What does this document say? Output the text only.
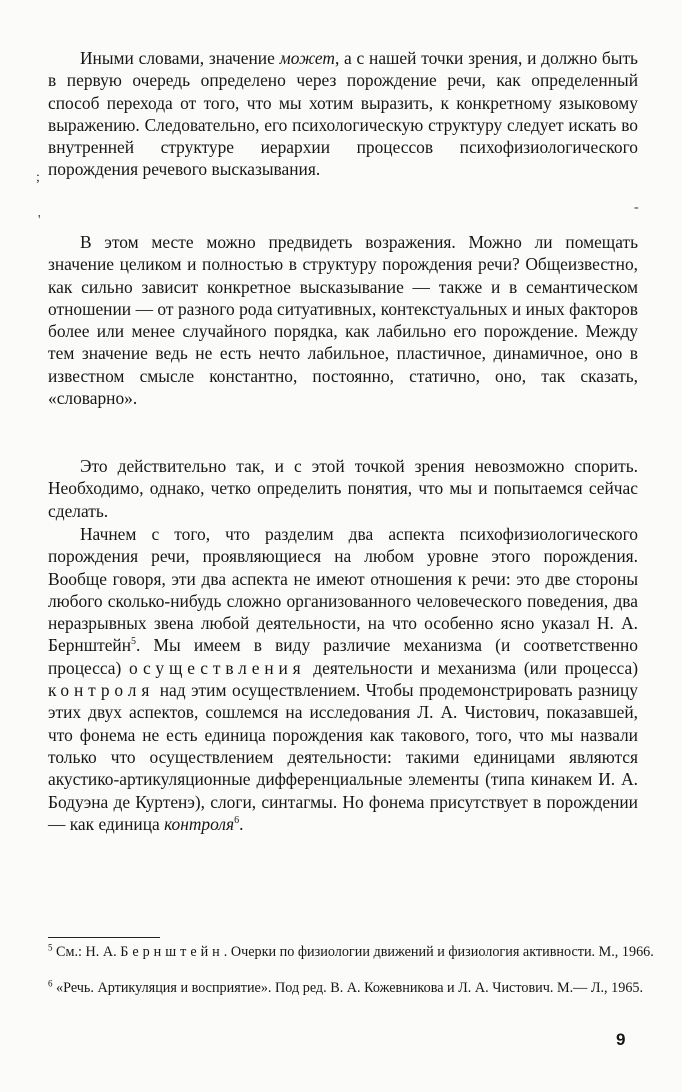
Иными словами, значение может, а с нашей точки зрения, и должно быть в первую очередь определено через порождение речи, как определенный способ перехода от того, что мы хотим выразить, к конкретному языковому выражению. Следовательно, его психологическую структуру следует искать во внутренней структуре иерархии процессов психофизиологического порождения речевого высказывания.
В этом месте можно предвидеть возражения. Можно ли помещать значение целиком и полностью в структуру порождения речи? Общеизвестно, как сильно зависит конкретное высказывание — также и в семантическом отношении — от разного рода ситуативных, контекстуальных и иных факторов более или менее случайного порядка, как лабильно его порождение. Между тем значение ведь не есть нечто лабильное, пластичное, динамичное, оно в известном смысле константно, постоянно, статично, оно, так сказать, «словарно».
Это действительно так, и с этой точкой зрения невозможно спорить. Необходимо, однако, четко определить понятия, что мы и попытаемся сейчас сделать.
Начнем с того, что разделим два аспекта психофизиологического порождения речи, проявляющиеся на любом уровне этого порождения. Вообще говоря, эти два аспекта не имеют отношения к речи: это две стороны любого сколько-нибудь сложно организованного человеческого поведения, два неразрывных звена любой деятельности, на что особенно ясно указал Н. А. Бернштейн$^5$. Мы имеем в виду различие механизма (и соответственно процесса) осуществления деятельности и механизма (или процесса) контроля над этим осуществлением. Чтобы продемонстрировать разницу этих двух аспектов, сошлемся на исследования Л. А. Чистович, показавшей, что фонема не есть единица порождения как такового, того, что мы назвали только что осуществлением деятельности: такими единицами являются акустико-артикуляционные дифференциальные элементы (типа кинакем И. А. Бодуэна де Куртенэ), слоги, синтагмы. Но фонема присутствует в порождении — как единица контроля$^6$.

$^5$ См.: Н. А. Бернштейн. Очерки по физиологии движений и физиология активности. М., 1966.

$^6$ «Речь. Артикуляция и восприятие». Под ред. В. А. Кожевникова и Л. А. Чистович. М.— Л., 1965.

9
;
'
-
